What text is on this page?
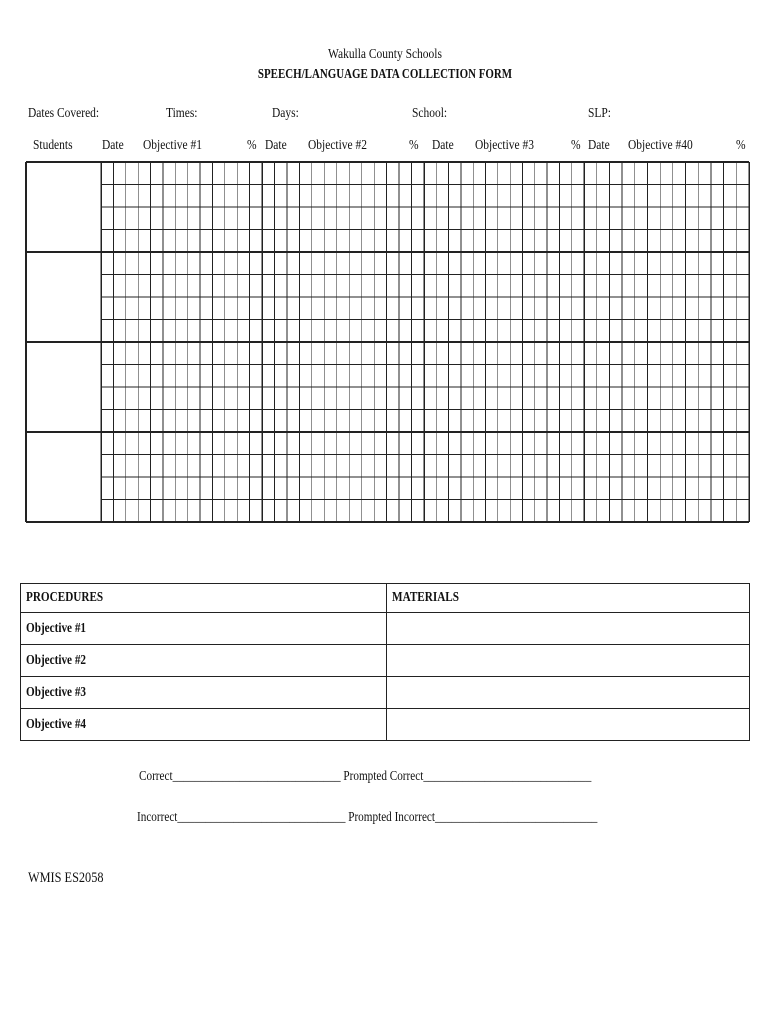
Wakulla County Schools
SPEECH/LANGUAGE DATA COLLECTION FORM
Dates Covered:	Times:	Days:	School:	SLP:
Students Date Objective #1	% Date Objective #2	% Date Objective #3	% Date Objective #40	%
PROCEDURES	MATERIALS
Objective #1	
Objective #2	
Objective #3	
Objective #4	
Correct______________________________ Prompted Correct______________________________
Incorrect______________________________ Prompted Incorrect_____________________________
WMIS ES2058
